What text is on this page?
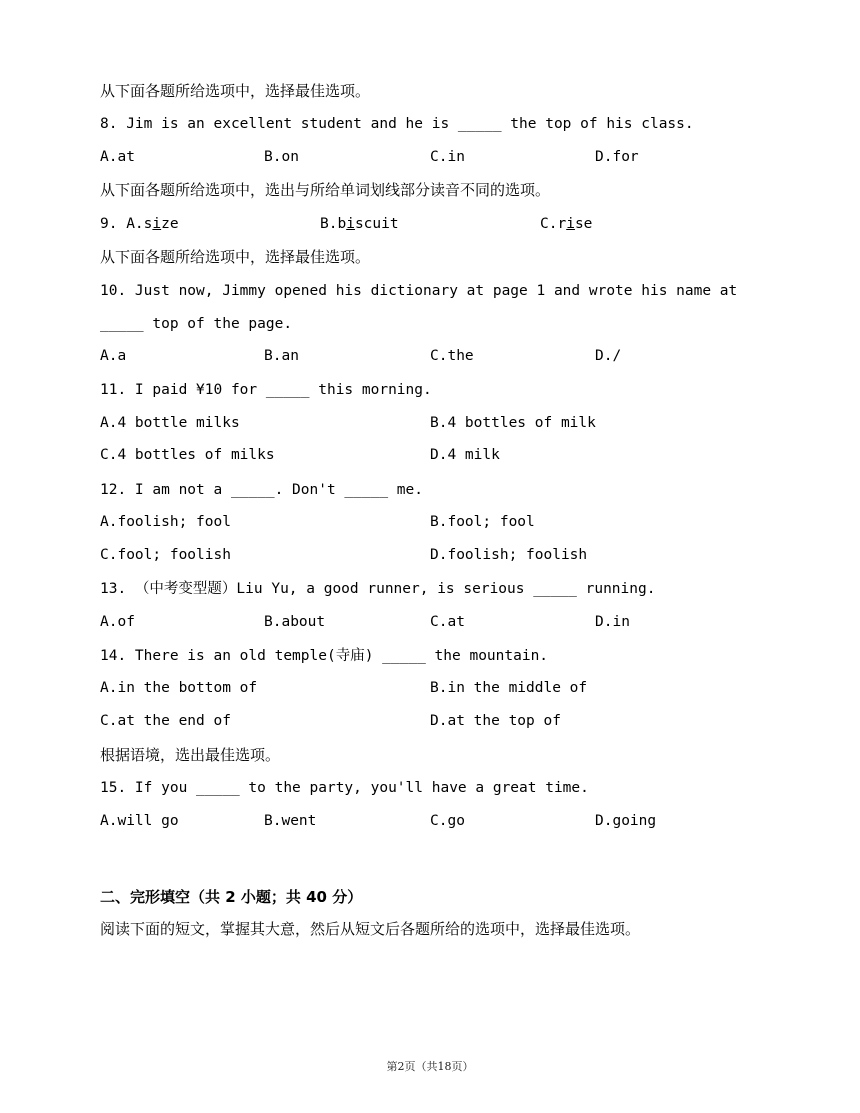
从下面各题所给选项中，选择最佳选项。
8. Jim is an excellent student and he is _____ the top of his class.
A.at	B.on	C.in	D.for
从下面各题所给选项中，选出与所给单词划线部分读音不同的选项。
9. A.size	B.biscuit	C.rise
从下面各题所给选项中，选择最佳选项。
10. Just now, Jimmy opened his dictionary at page 1 and wrote his name at
_____ top of the page.
A.a	B.an	C.the	D./
11. I paid ¥10 for _____ this morning.
A.4 bottle milks	B.4 bottles of milk
C.4 bottles of milks	D.4 milk
12. I am not a _____. Don't _____ me.
A.foolish; fool	B.fool; fool
C.fool; foolish	D.foolish; foolish
13. （中考变型题）Liu Yu, a good runner, is serious _____ running.
A.of	B.about	C.at	D.in
14. There is an old temple(寺庙) _____ the mountain.
A.in the bottom of	B.in the middle of
C.at the end of	D.at the top of
根据语境，选出最佳选项。
15. If you _____ to the party, you'll have a great time.
A.will go	B.went	C.go	D.going
二、完形填空（共 2 小题；共 40 分）
阅读下面的短文，掌握其大意，然后从短文后各题所给的选项中，选择最佳选项。
第2页（共18页）
